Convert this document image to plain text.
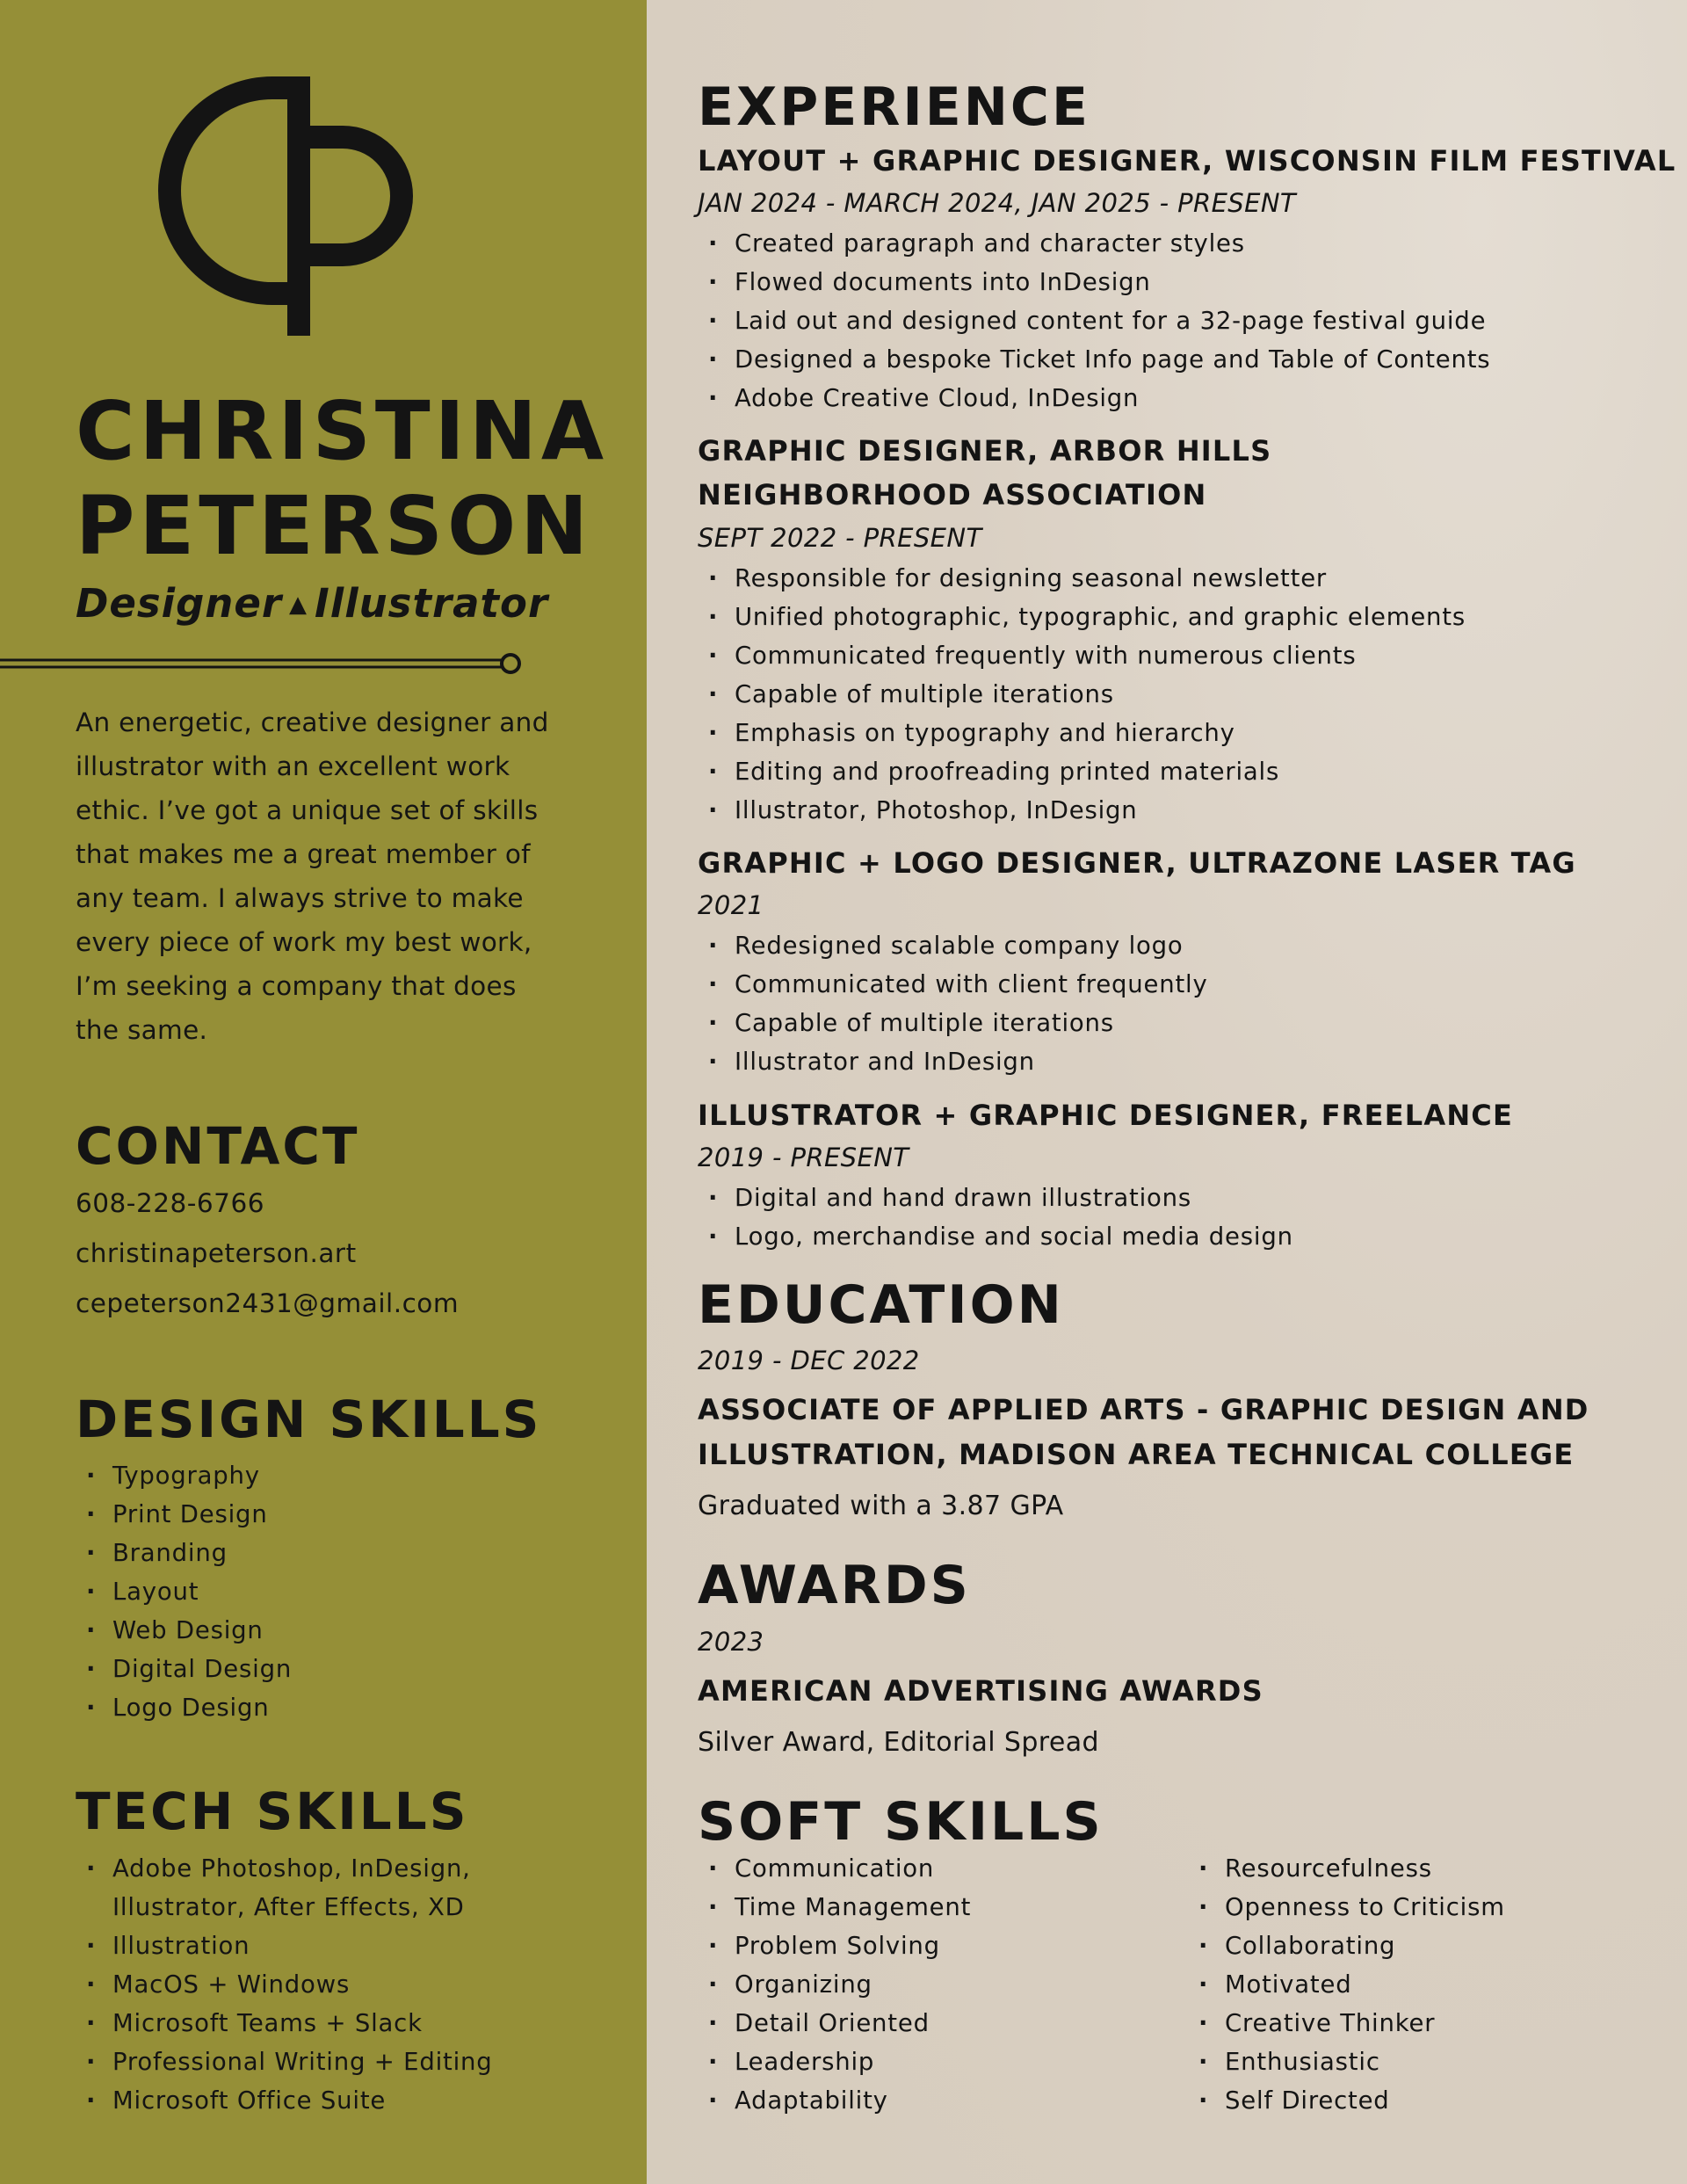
CHRISTINA
PETERSON
Designer ▲ Illustrator
An energetic, creative designer and illustrator with an excellent work ethic. I’ve got a unique set of skills that makes me a great member of any team. I always strive to make every piece of work my best work, I’m seeking a company that does the same.
CONTACT
608-228-6766
christinapeterson.art
cepeterson2431@gmail.com
DESIGN SKILLS
· Typography
· Print Design
· Branding
· Layout
· Web Design
· Digital Design
· Logo Design
TECH SKILLS
· Adobe Photoshop, InDesign,
Illustrator, After Effects, XD
· Illustration
· MacOS + Windows
· Microsoft Teams + Slack
· Professional Writing + Editing
· Microsoft Office Suite
EXPERIENCE
LAYOUT + GRAPHIC DESIGNER, WISCONSIN FILM FESTIVAL
JAN 2024 - MARCH 2024, JAN 2025 - PRESENT
· Created paragraph and character styles
· Flowed documents into InDesign
· Laid out and designed content for a 32-page festival guide
· Designed a bespoke Ticket Info page and Table of Contents
· Adobe Creative Cloud, InDesign
GRAPHIC DESIGNER, ARBOR HILLS
NEIGHBORHOOD ASSOCIATION
SEPT 2022 - PRESENT
· Responsible for designing seasonal newsletter
· Unified photographic, typographic, and graphic elements
· Communicated frequently with numerous clients
· Capable of multiple iterations
· Emphasis on typography and hierarchy
· Editing and proofreading printed materials
· Illustrator, Photoshop, InDesign
GRAPHIC + LOGO DESIGNER, ULTRAZONE LASER TAG
2021
· Redesigned scalable company logo
· Communicated with client frequently
· Capable of multiple iterations
· Illustrator and InDesign
ILLUSTRATOR + GRAPHIC DESIGNER, FREELANCE
2019 - PRESENT
· Digital and hand drawn illustrations
· Logo, merchandise and social media design
EDUCATION
2019 - DEC 2022
ASSOCIATE OF APPLIED ARTS - GRAPHIC DESIGN AND
ILLUSTRATION, MADISON AREA TECHNICAL COLLEGE
Graduated with a 3.87 GPA
AWARDS
2023
AMERICAN ADVERTISING AWARDS
Silver Award, Editorial Spread
SOFT SKILLS
· Communication
· Time Management
· Problem Solving
· Organizing
· Detail Oriented
· Leadership
· Adaptability
· Resourcefulness
· Openness to Criticism
· Collaborating
· Motivated
· Creative Thinker
· Enthusiastic
· Self Directed
